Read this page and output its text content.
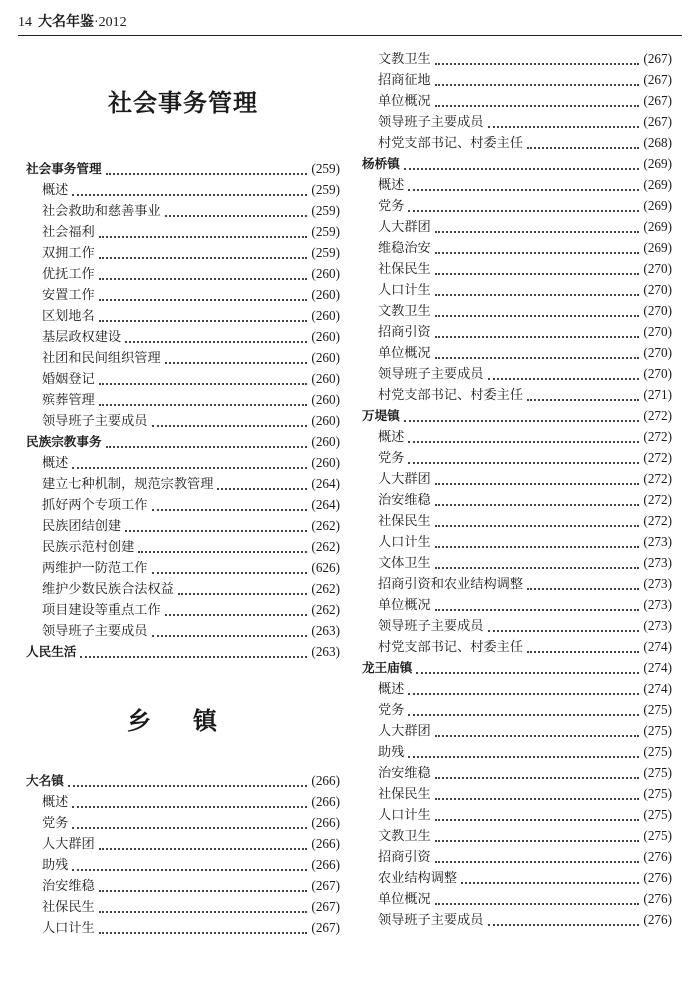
14 大名年鉴 ·2012
社会事务管理
社会事务管理	(259)
概述	(259)
社会救助和慈善事业	(259)
社会福利	(259)
双拥工作	(259)
优抚工作	(260)
安置工作	(260)
区划地名	(260)
基层政权建设	(260)
社团和民间组织管理	(260)
婚姻登记	(260)
殡葬管理	(260)
领导班子主要成员	(260)
民族宗教事务	(260)
概述	(260)
建立七种机制，规范宗教管理	(264)
抓好两个专项工作	(264)
民族团结创建	(262)
民族示范村创建	(262)
两维护一防范工作	(626)
维护少数民族合法权益	(262)
项目建设等重点工作	(262)
领导班子主要成员	(263)
人民生活	(263)
乡镇
大名镇	(266)
概述	(266)
党务	(266)
人大群团	(266)
助残	(266)
治安维稳	(267)
社保民生	(267)
人口计生	(267)
文教卫生	(267)
招商征地	(267)
单位概况	(267)
领导班子主要成员	(267)
村党支部书记、村委主任	(268)
杨桥镇	(269)
概述	(269)
党务	(269)
人大群团	(269)
维稳治安	(269)
社保民生	(270)
人口计生	(270)
文教卫生	(270)
招商引资	(270)
单位概况	(270)
领导班子主要成员	(270)
村党支部书记、村委主任	(271)
万堤镇	(272)
概述	(272)
党务	(272)
人大群团	(272)
治安维稳	(272)
社保民生	(272)
人口计生	(273)
文体卫生	(273)
招商引资和农业结构调整	(273)
单位概况	(273)
领导班子主要成员	(273)
村党支部书记、村委主任	(274)
龙王庙镇	(274)
概述	(274)
党务	(275)
人大群团	(275)
助残	(275)
治安维稳	(275)
社保民生	(275)
人口计生	(275)
文教卫生	(275)
招商引资	(276)
农业结构调整	(276)
单位概况	(276)
领导班子主要成员	(276)
